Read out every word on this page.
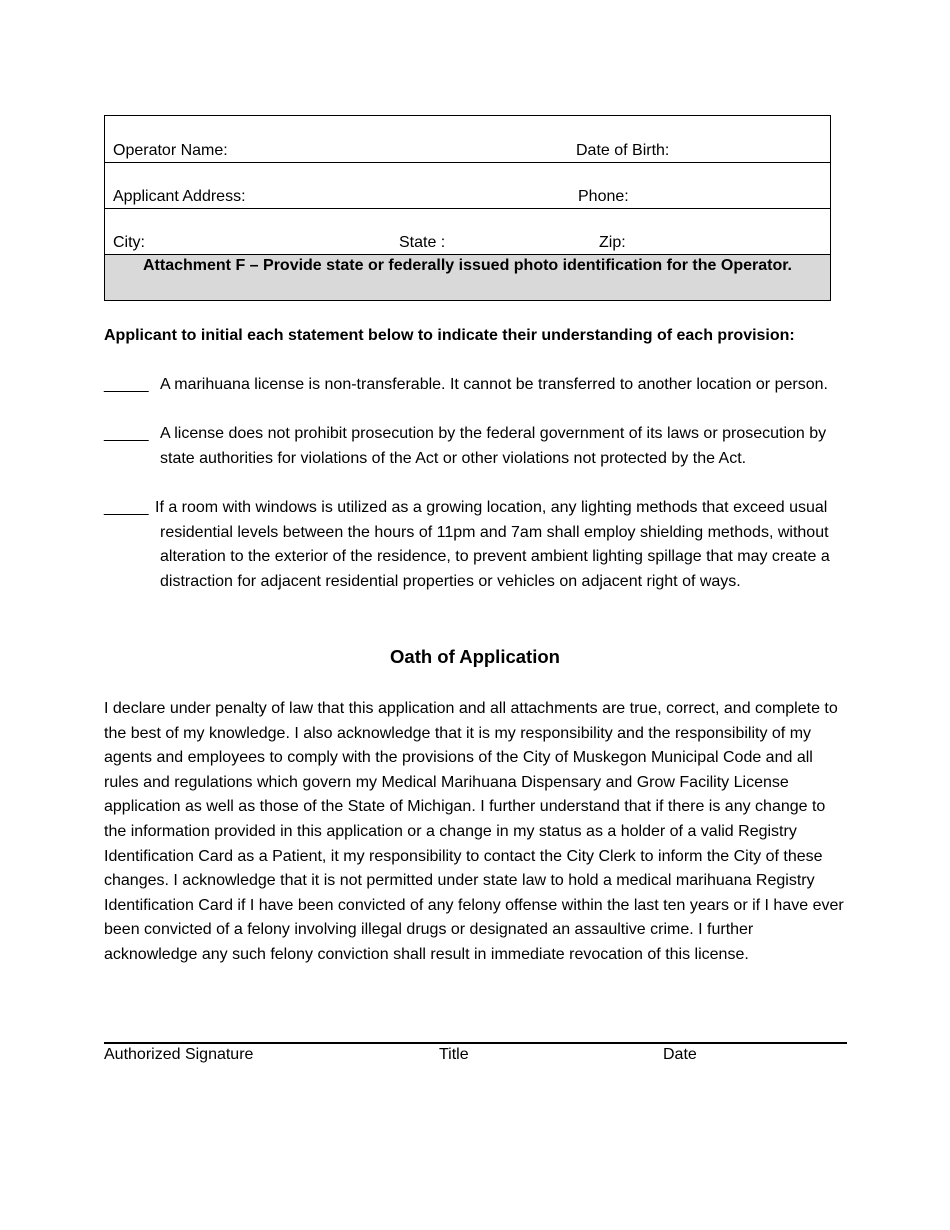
Operator Name:	Date of Birth:
Applicant Address:	Phone:
City:	State :	Zip:
Attachment F – Provide state or federally issued photo identification for the Operator.
Applicant to initial each statement below to indicate their understanding of each provision:
_____ A marihuana license is non-transferable. It cannot be transferred to another location or person.
_____ A license does not prohibit prosecution by the federal government of its laws or prosecution by state authorities for violations of the Act or other violations not protected by the Act.
_____ If a room with windows is utilized as a growing location, any lighting methods that exceed usual residential levels between the hours of 11pm and 7am shall employ shielding methods, without alteration to the exterior of the residence, to prevent ambient lighting spillage that may create a distraction for adjacent residential properties or vehicles on adjacent right of ways.
Oath of Application
I declare under penalty of law that this application and all attachments are true, correct, and complete to the best of my knowledge. I also acknowledge that it is my responsibility and the responsibility of my agents and employees to comply with the provisions of the City of Muskegon Municipal Code and all rules and regulations which govern my Medical Marihuana Dispensary and Grow Facility License application as well as those of the State of Michigan. I further understand that if there is any change to the information provided in this application or a change in my status as a holder of a valid Registry Identification Card as a Patient, it my responsibility to contact the City Clerk to inform the City of these changes. I acknowledge that it is not permitted under state law to hold a medical marihuana Registry Identification Card if I have been convicted of any felony offense within the last ten years or if I have ever been convicted of a felony involving illegal drugs or designated an assaultive crime. I further acknowledge any such felony conviction shall result in immediate revocation of this license.
Authorized Signature	Title	Date
